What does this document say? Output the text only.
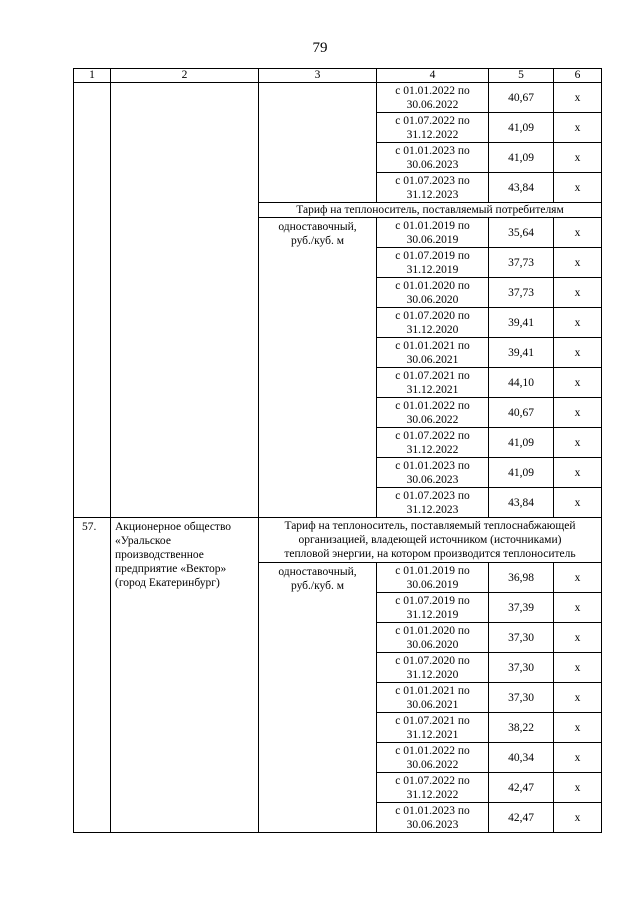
79
1	2	3	4	5	6

			с 01.01.2022 по
30.06.2022	40,67	х

			с 01.07.2022 по
31.12.2022	41,09	х

			с 01.01.2023 по
30.06.2023	41,09	х

			с 01.07.2023 по
31.12.2023	43,84	х
		Тариф на теплоноситель, поставляемый потребителям			

		одноставочный,
руб./куб. м	с 01.01.2019 по
30.06.2019	35,64	х

			с 01.07.2019 по
31.12.2019	37,73	х

			с 01.01.2020 по
30.06.2020	37,73	х

			с 01.07.2020 по
31.12.2020	39,41	х

			с 01.01.2021 по
30.06.2021	39,41	х

			с 01.07.2021 по
31.12.2021	44,10	х

			с 01.01.2022 по
30.06.2022	40,67	х

			с 01.07.2022 по
31.12.2022	41,09	х

			с 01.01.2023 по
30.06.2023	41,09	х

			с 01.07.2023 по
31.12.2023	43,84	х
57.	Акционерное общество
«Уральское
производственное
предприятие «Вектор»
(город Екатеринбург)	Тариф на теплоноситель, поставляемый теплоснабжающей
организацией, владеющей источником (источниками)
тепловой энергии, на котором производится теплоноситель			

		одноставочный,
руб./куб. м	с 01.01.2019 по
30.06.2019	36,98	х

			с 01.07.2019 по
31.12.2019	37,39	х

			с 01.01.2020 по
30.06.2020	37,30	х

			с 01.07.2020 по
31.12.2020	37,30	х

			с 01.01.2021 по
30.06.2021	37,30	х

			с 01.07.2021 по
31.12.2021	38,22	х

			с 01.01.2022 по
30.06.2022	40,34	х

			с 01.07.2022 по
31.12.2022	42,47	х

			с 01.01.2023 по
30.06.2023	42,47	х
